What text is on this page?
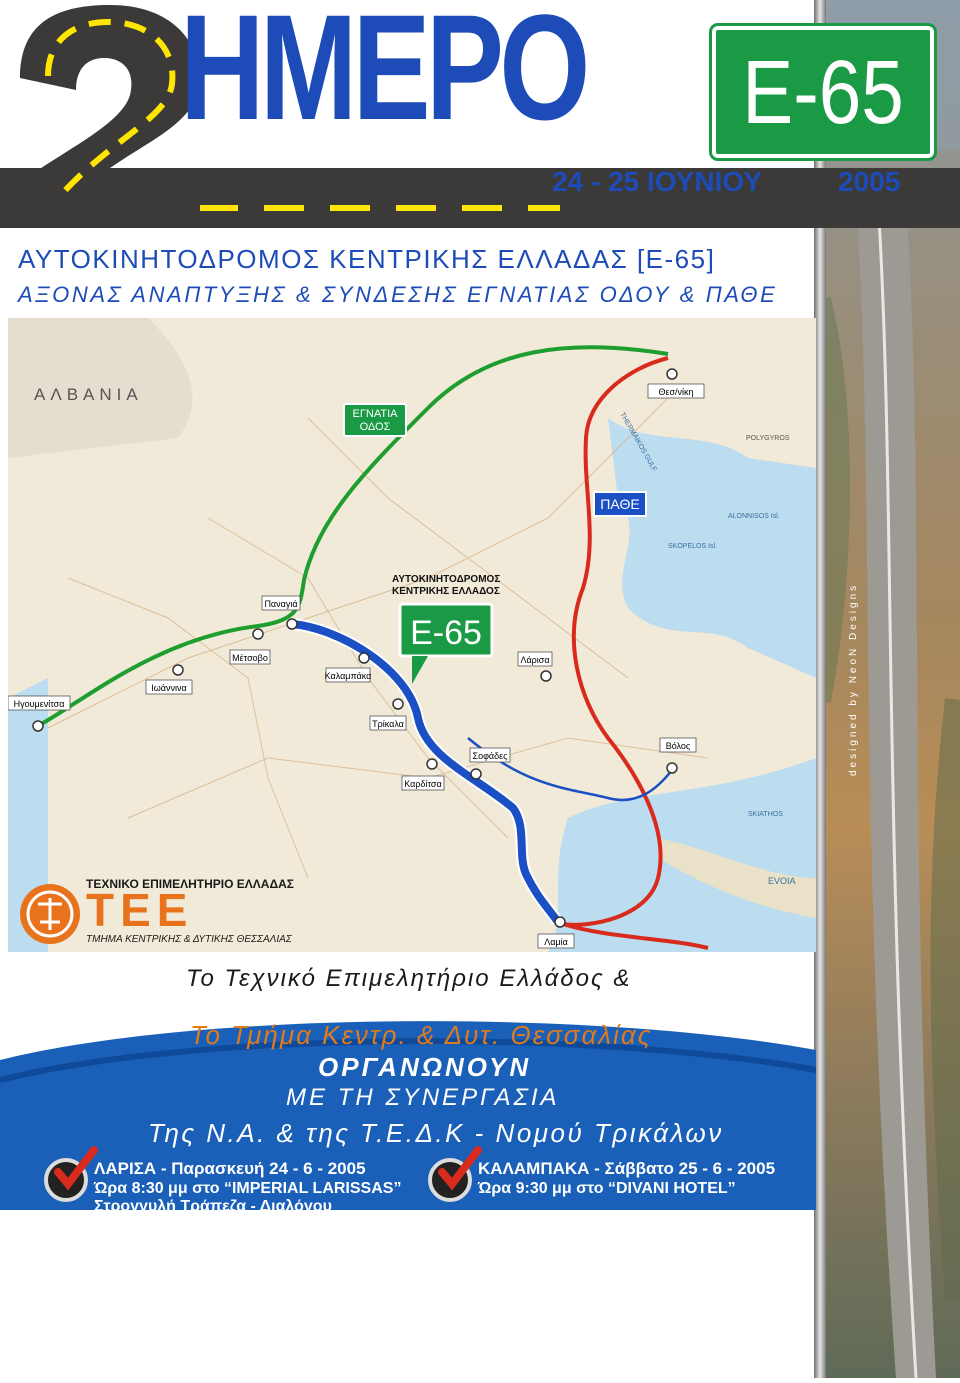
ΗΜΕΡΟ
24 - 25 ΙΟΥΝΙΟΥ	2005
E-65
ΑΥΤΟΚΙΝΗΤΟΔΡΟΜΟΣ ΚΕΝΤΡΙΚΗΣ ΕΛΛΑΔΑΣ [Ε-65]
ΑΞΟΝΑΣ ΑΝΑΠΤΥΞΗΣ & ΣΥΝΔΕΣΗΣ ΕΓΝΑΤΙΑΣ ΟΔΟΥ & ΠΑΘΕ
ΑΛΒΑΝΙΑ
ΕΓΝΑΤΙΑ
ΟΔΟΣ
ΠΑΘΕ
ΑΥΤΟΚΙΝΗΤΟΔΡΟΜΟΣ
ΚΕΝΤΡΙΚΗΣ ΕΛΛΑΔΟΣ
Ε-65
Θεσ/νίκη
Παναγιά
Μέτσοβο
Ιωάννινα
Ηγουμενίτσα
Καλαμπάκα
Τρίκαλα
Λάρισα
Σοφάδες
Καρδίτσα
Βόλος
Λαμία
ALONNISOS Isl.
SKOPELOS Isl.
SKIATHOS
EVOIA
THERMAIKOS GULF	POLYGYROS
ΤΕΧΝΙΚΟ ΕΠΙΜΕΛΗΤΗΡΙΟ ΕΛΛΑΔΑΣ
ΤΕΕ
ΤΜΗΜΑ ΚΕΝΤΡΙΚΗΣ & ΔΥΤΙΚΗΣ ΘΕΣΣΑΛΙΑΣ
Το Τεχνικό Επιμελητήριο Ελλάδος &
Το Τμήμα Κεντρ. & Δυτ. Θεσσαλίας
ΟΡΓΑΝΩΝΟΥΝ
ΜΕ ΤΗ ΣΥΝΕΡΓΑΣΙΑ
Της Ν.Α. & της Τ.Ε.Δ.Κ - Νομού Τρικάλων
ΛΑΡΙΣΑ - Παρασκευή 24 - 6 - 2005
Ώρα 8:30 μμ στο “IMPERIAL LARISSAS”
Στρογγυλή Τράπεζα - Διαλόγου
ΚΑΛΑΜΠΑΚΑ - Σάββατο 25 - 6 - 2005
Ώρα 9:30 μμ στο “DIVANI HOTEL”
designed by NeoN Designs
